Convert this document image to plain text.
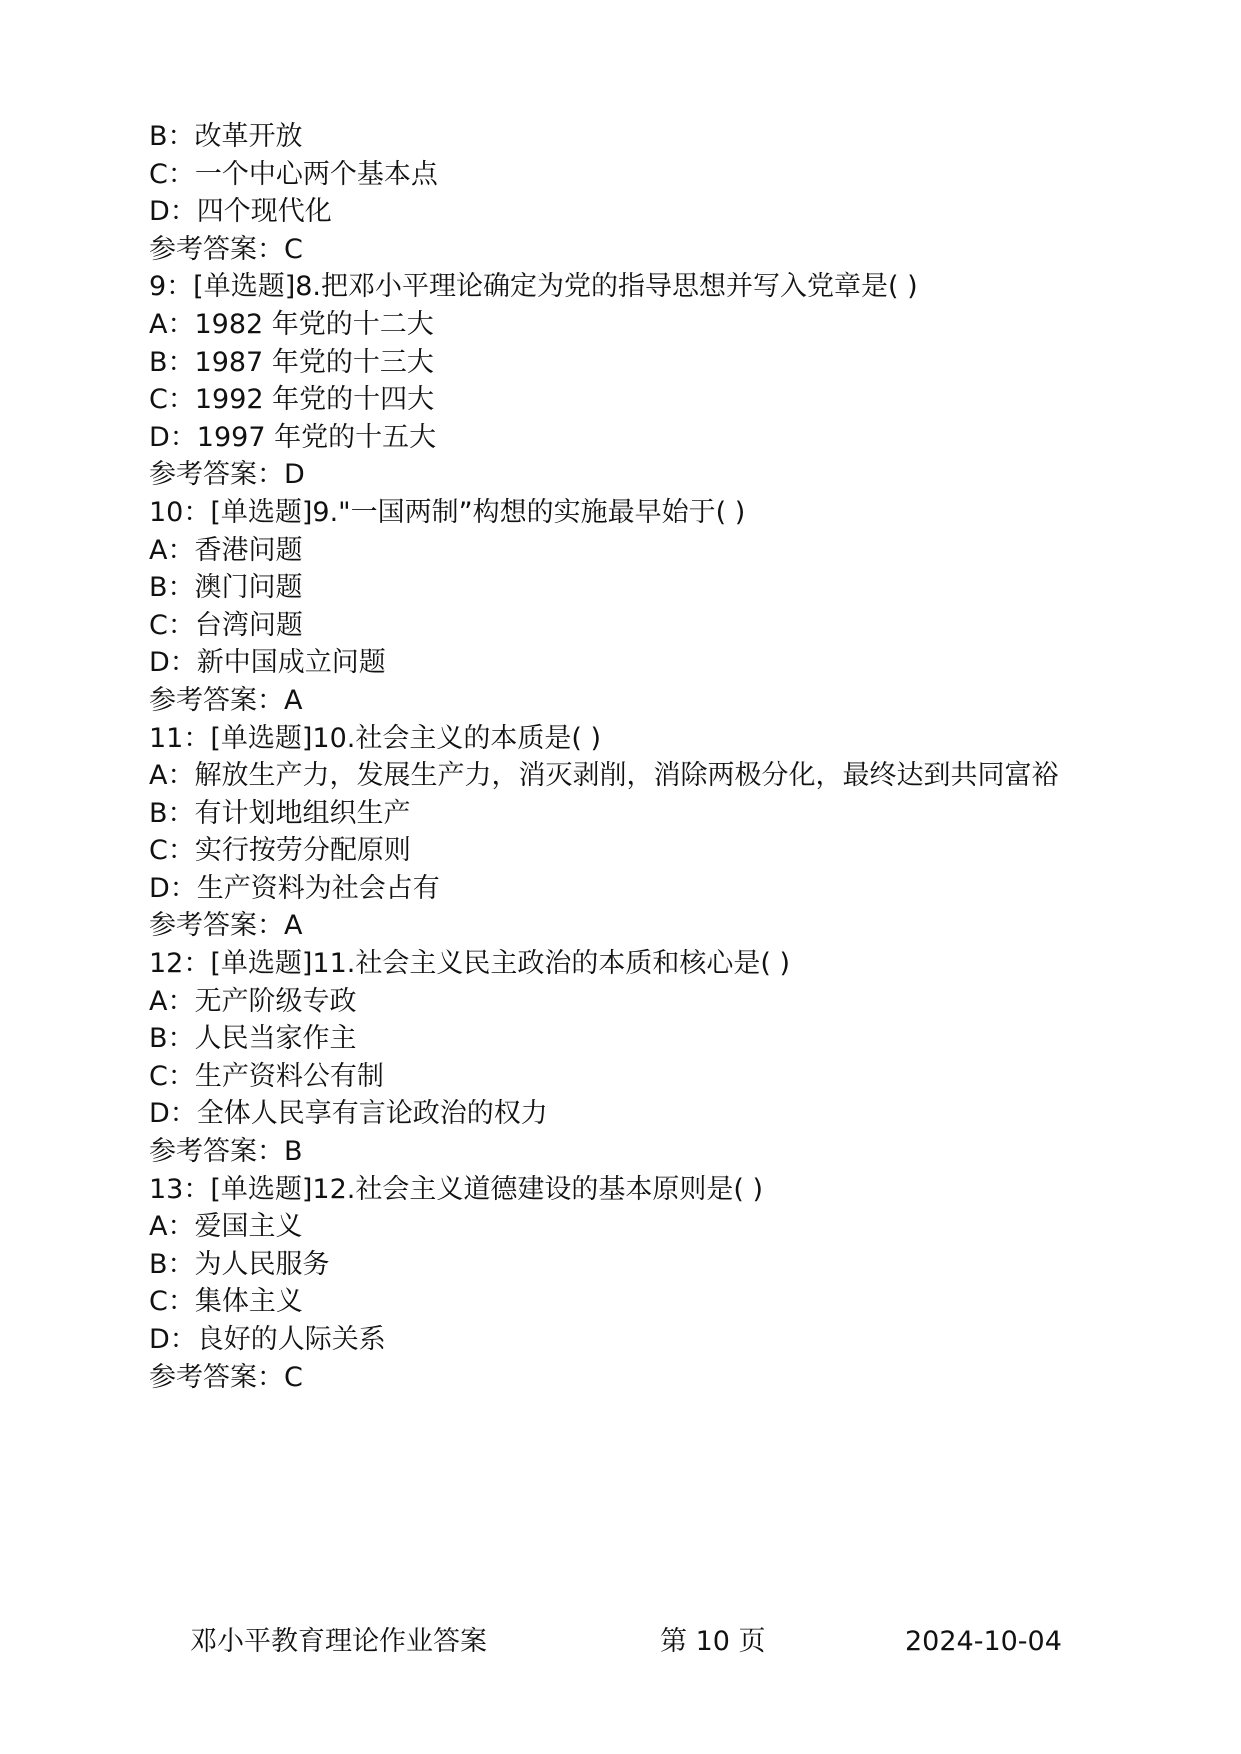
B：改革开放
C：一个中心两个基本点
D：四个现代化
参考答案：C
9：[单选题]8.把邓小平理论确定为党的指导思想并写入党章是( )
A：1982 年党的十二大
B：1987 年党的十三大
C：1992 年党的十四大
D：1997 年党的十五大
参考答案：D
10：[单选题]9."一国两制”构想的实施最早始于( )
A：香港问题
B：澳门问题
C：台湾问题
D：新中国成立问题
参考答案：A
11：[单选题]10.社会主义的本质是( )
A：解放生产力，发展生产力，消灭剥削，消除两极分化，最终达到共同富裕
B：有计划地组织生产
C：实行按劳分配原则
D：生产资料为社会占有
参考答案：A
12：[单选题]11.社会主义民主政治的本质和核心是( )
A：无产阶级专政
B：人民当家作主
C：生产资料公有制
D：全体人民享有言论政治的权力
参考答案：B
13：[单选题]12.社会主义道德建设的基本原则是( )
A：爱国主义
B：为人民服务
C：集体主义
D：良好的人际关系
参考答案：C
邓小平教育理论作业答案	第 10 页	2024-10-04
